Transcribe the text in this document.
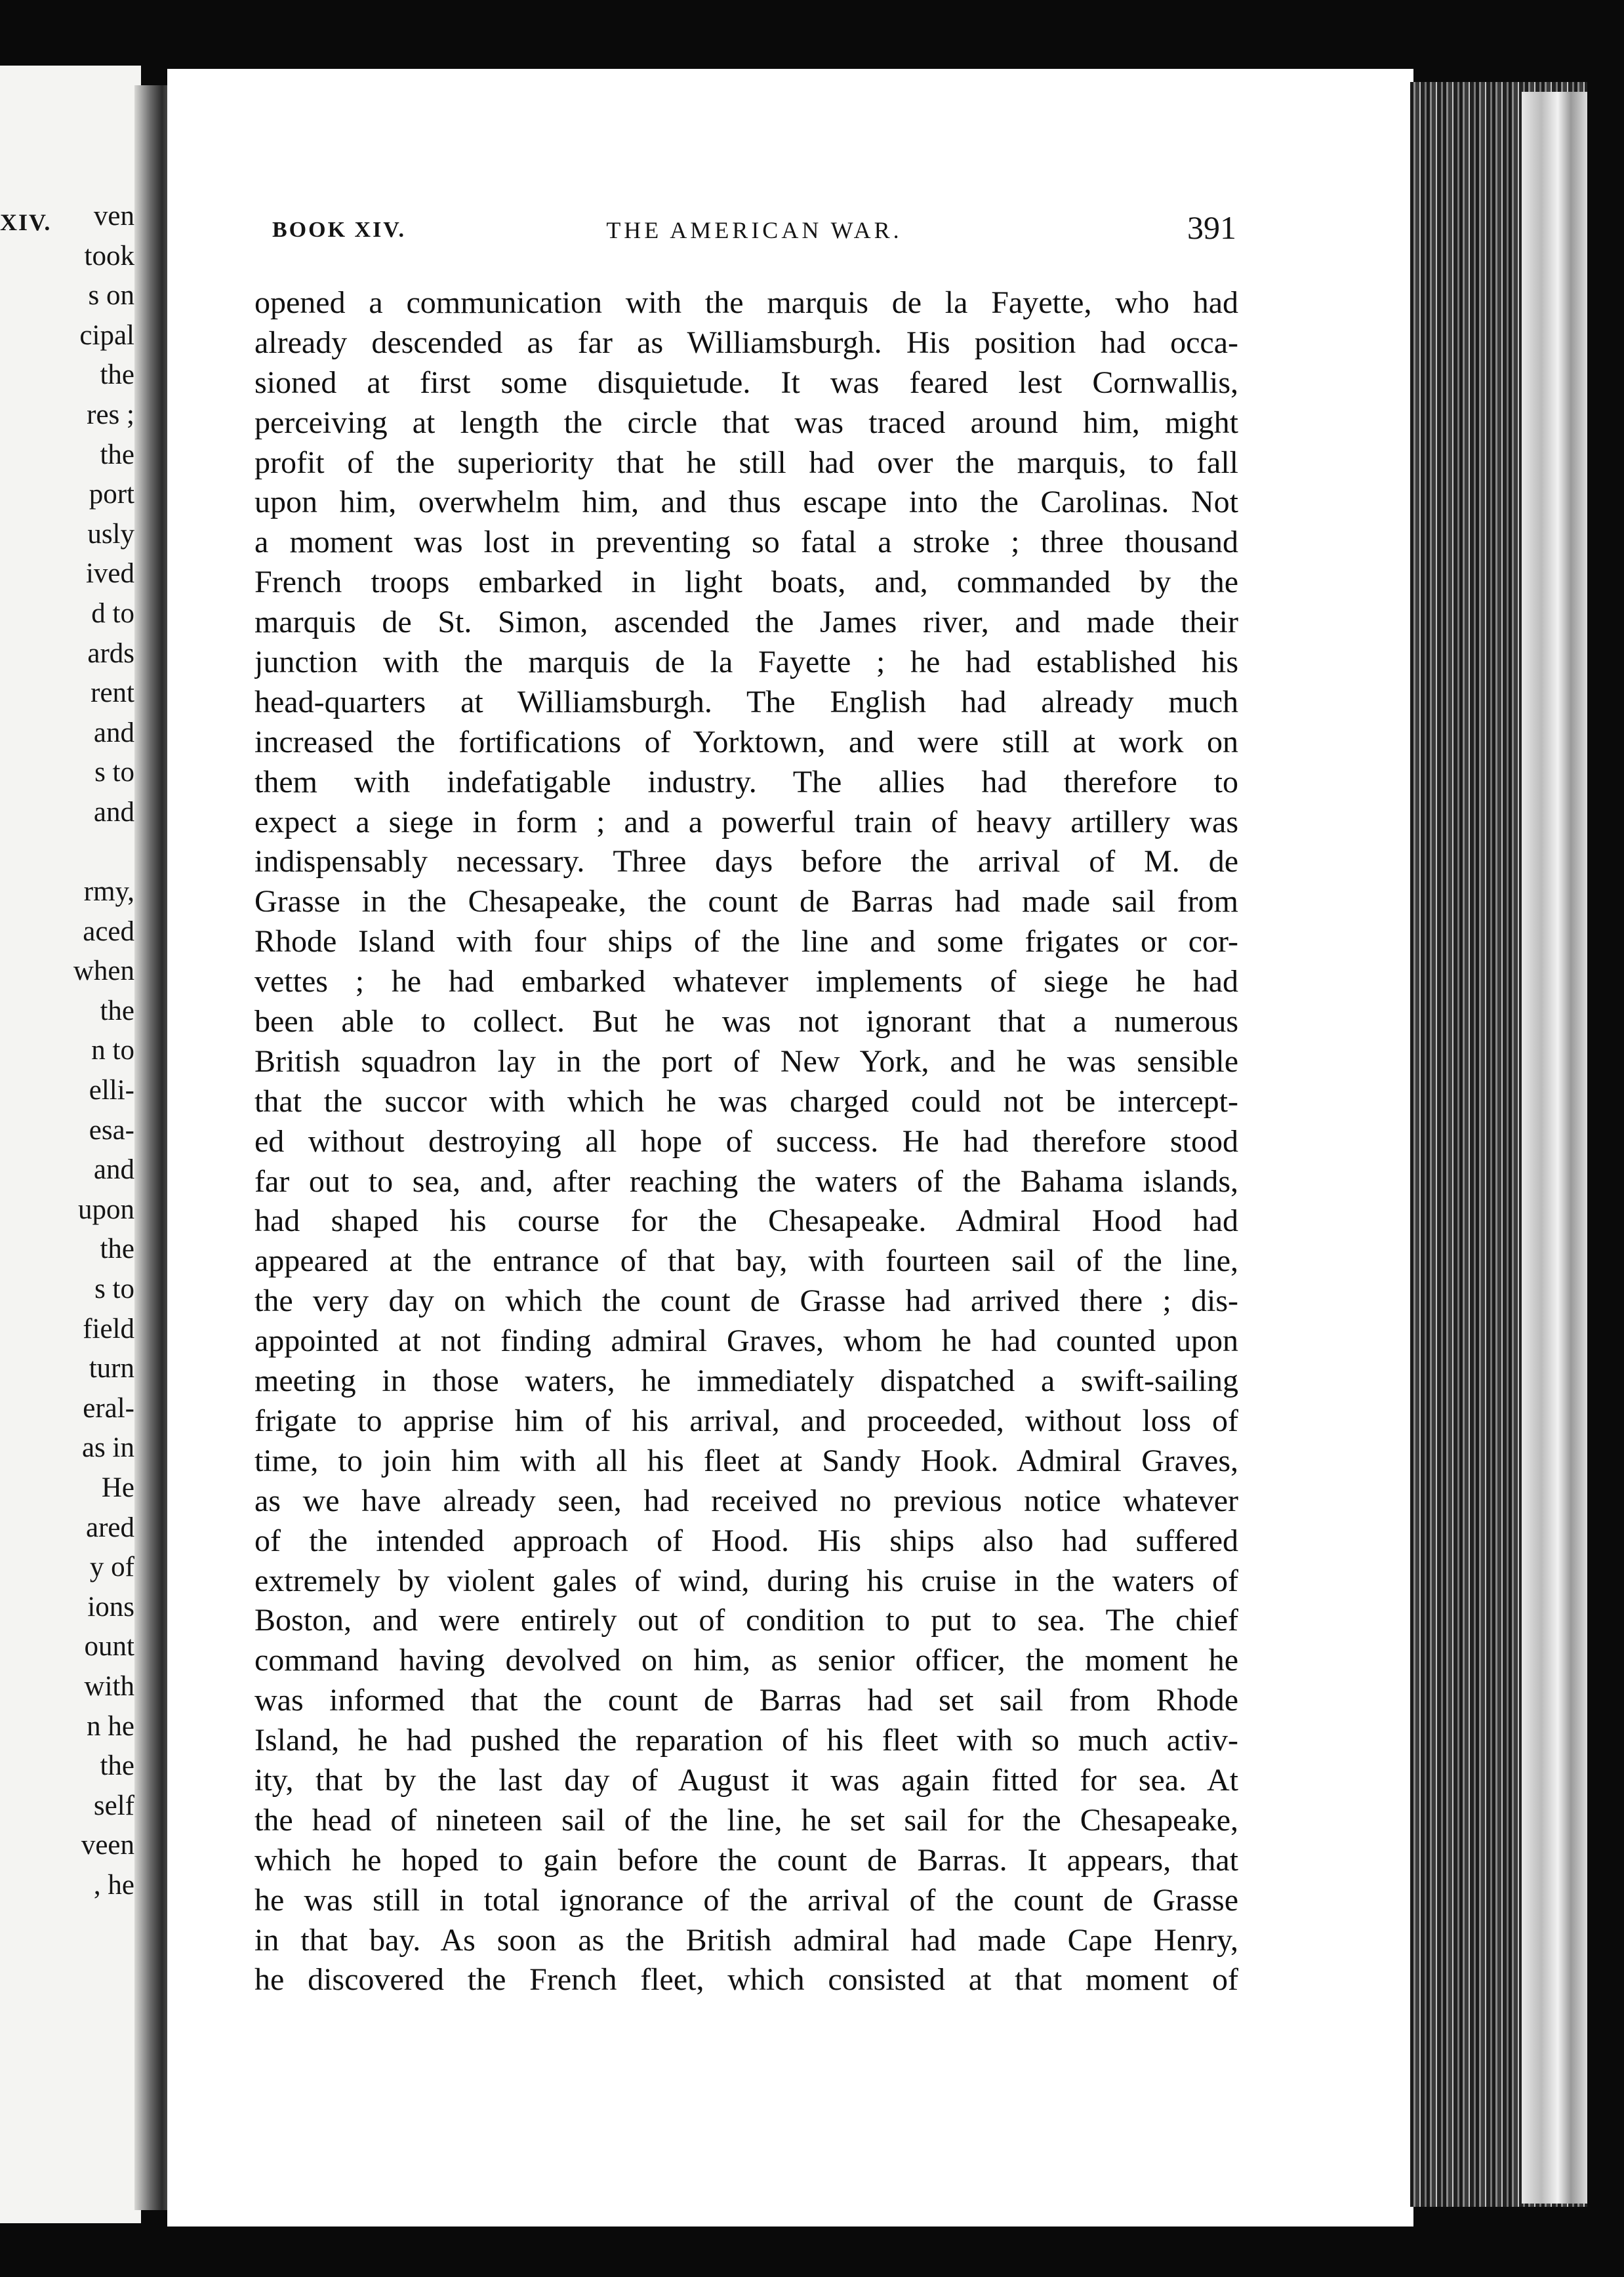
XIV.	ven
took
s on
cipal
the
res ;
the
port
usly
ived
d to
ards
rent
and
s to
and

rmy,
aced
when
the
n to
elli-
esa-
and
upon
the
s to
field
turn
eral-
as in
He
ared
y of
ions
ount
with
n he
the
self
veen
, he
BOOK XIV.	THE AMERICAN WAR.	391
opened a communication with the marquis de la Fayette, who had
already descended as far as Williamsburgh. His position had occa-
sioned at first some disquietude. It was feared lest Cornwallis,
perceiving at length the circle that was traced around him, might
profit of the superiority that he still had over the marquis, to fall
upon him, overwhelm him, and thus escape into the Carolinas. Not
a moment was lost in preventing so fatal a stroke ; three thousand
French troops embarked in light boats, and, commanded by the
marquis de St. Simon, ascended the James river, and made their
junction with the marquis de la Fayette ; he had established his
head-quarters at Williamsburgh. The English had already much
increased the fortifications of Yorktown, and were still at work on
them with indefatigable industry. The allies had therefore to
expect a siege in form ; and a powerful train of heavy artillery was
indispensably necessary. Three days before the arrival of M. de
Grasse in the Chesapeake, the count de Barras had made sail from
Rhode Island with four ships of the line and some frigates or cor-
vettes ; he had embarked whatever implements of siege he had
been able to collect. But he was not ignorant that a numerous
British squadron lay in the port of New York, and he was sensible
that the succor with which he was charged could not be intercept-
ed without destroying all hope of success. He had therefore stood
far out to sea, and, after reaching the waters of the Bahama islands,
had shaped his course for the Chesapeake. Admiral Hood had
appeared at the entrance of that bay, with fourteen sail of the line,
the very day on which the count de Grasse had arrived there ; dis-
appointed at not finding admiral Graves, whom he had counted upon
meeting in those waters, he immediately dispatched a swift-sailing
frigate to apprise him of his arrival, and proceeded, without loss of
time, to join him with all his fleet at Sandy Hook. Admiral Graves,
as we have already seen, had received no previous notice whatever
of the intended approach of Hood. His ships also had suffered
extremely by violent gales of wind, during his cruise in the waters of
Boston, and were entirely out of condition to put to sea. The chief
command having devolved on him, as senior officer, the moment he
was informed that the count de Barras had set sail from Rhode
Island, he had pushed the reparation of his fleet with so much activ-
ity, that by the last day of August it was again fitted for sea. At
the head of nineteen sail of the line, he set sail for the Chesapeake,
which he hoped to gain before the count de Barras. It appears, that
he was still in total ignorance of the arrival of the count de Grasse
in that bay. As soon as the British admiral had made Cape Henry,
he discovered the French fleet, which consisted at that moment of
